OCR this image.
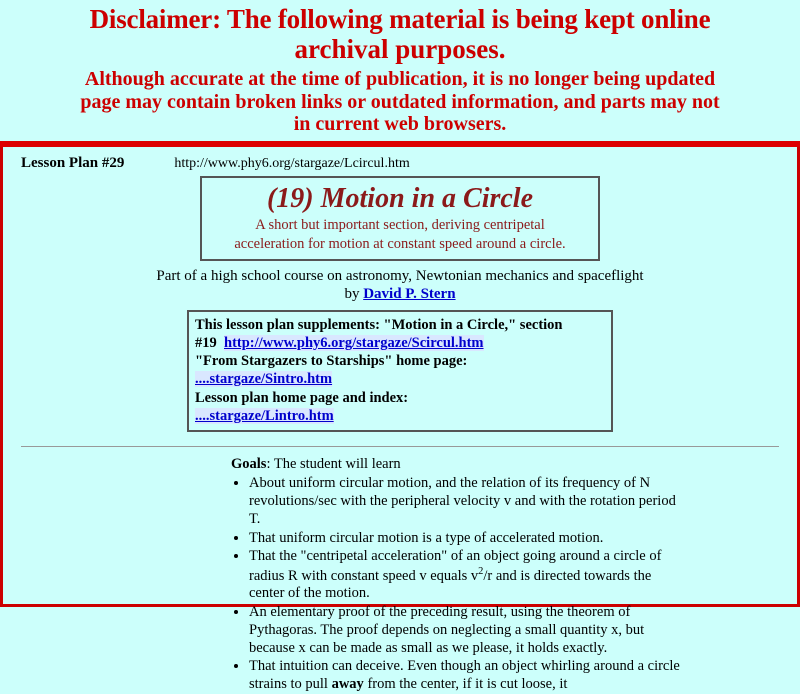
Disclaimer: The following material is being kept online
archival purposes.
Although accurate at the time of publication, it is no longer being updated
page may contain broken links or outdated information, and parts may not
in current web browsers.
Lesson Plan #29	http://www.phy6.org/stargaze/Lcircul.htm
(19) Motion in a Circle
A short but important section, deriving centripetal
acceleration for motion at constant speed around a circle.
Part of a high school course on astronomy, Newtonian mechanics and spaceflight
by David P. Stern
This lesson plan supplements: "Motion in a Circle," section
#19 http://www.phy6.org/stargaze/Scircul.htm
"From Stargazers to Starships" home page:
....stargaze/Sintro.htm
Lesson plan home page and index:
....stargaze/Lintro.htm
Goals: The student will learn
• About uniform circular motion, and the relation of its frequency of N revolutions/sec with the peripheral velocity v and with the rotation period T.
• That uniform circular motion is a type of accelerated motion.
• That the "centripetal acceleration" of an object going around a circle of radius R with constant speed v equals $v^2/r$ and is directed towards the center of the motion.
• An elementary proof of the preceding result, using the theorem of Pythagoras. The proof depends on neglecting a small quantity x, but because x can be made as small as we please, it holds exactly.
• That intuition can deceive. Even though an object whirling around a circle strains to pull away from the center, if it is cut loose, it
